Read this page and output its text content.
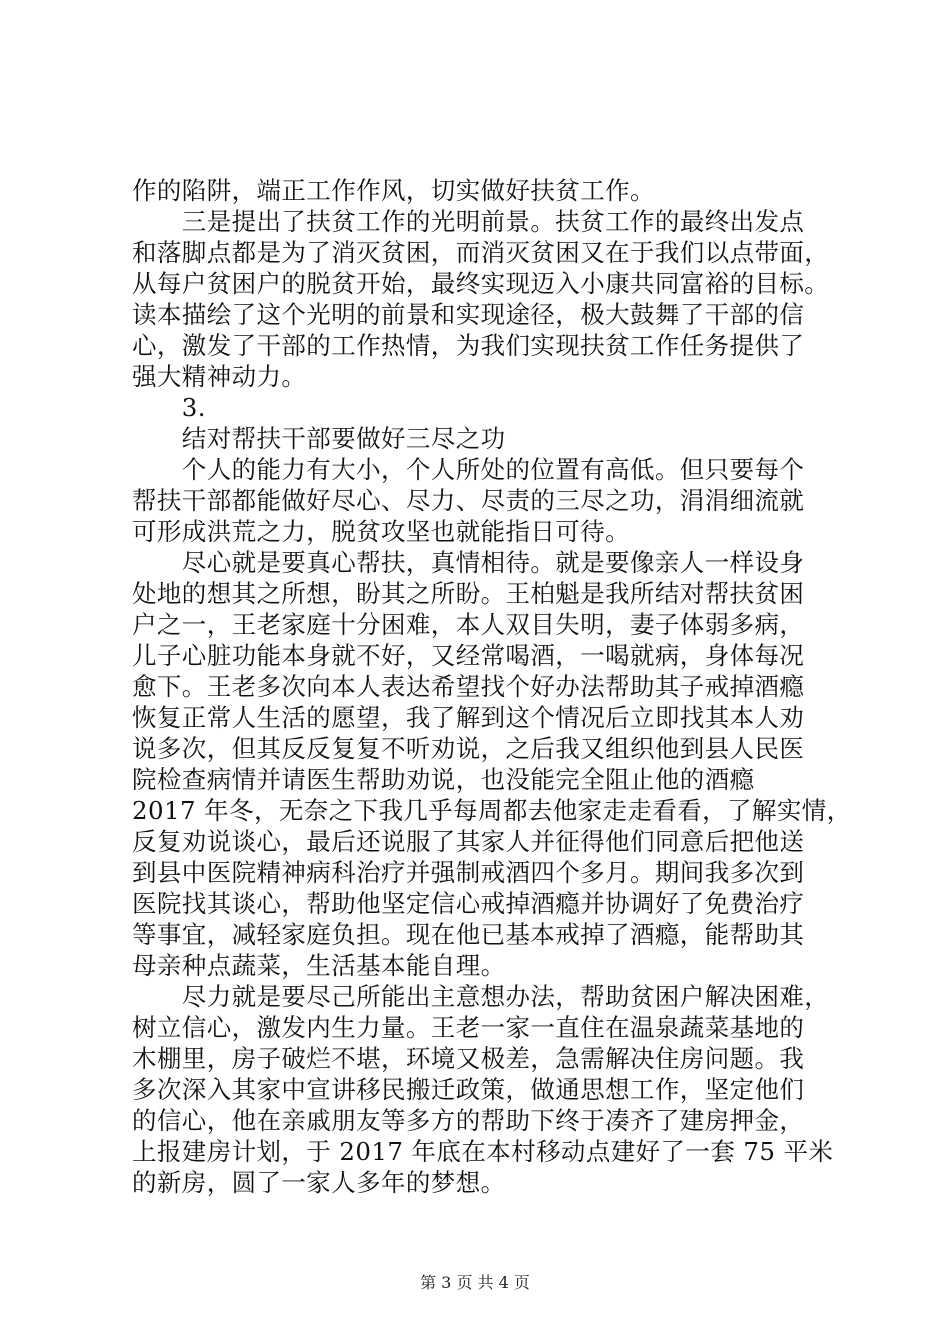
作的陷阱，端正工作作风，切实做好扶贫工作。
　　三是提出了扶贫工作的光明前景。扶贫工作的最终出发点
和落脚点都是为了消灭贫困，而消灭贫困又在于我们以点带面，
从每户贫困户的脱贫开始，最终实现迈入小康共同富裕的目标。
读本描绘了这个光明的前景和实现途径，极大鼓舞了干部的信
心，激发了干部的工作热情，为我们实现扶贫工作任务提供了
强大精神动力。
　　3.
　　结对帮扶干部要做好三尽之功
　　个人的能力有大小，个人所处的位置有高低。但只要每个
帮扶干部都能做好尽心、尽力、尽责的三尽之功，涓涓细流就
可形成洪荒之力，脱贫攻坚也就能指日可待。
　　尽心就是要真心帮扶，真情相待。就是要像亲人一样设身
处地的想其之所想，盼其之所盼。王柏魁是我所结对帮扶贫困
户之一，王老家庭十分困难，本人双目失明，妻子体弱多病，
儿子心脏功能本身就不好，又经常喝酒，一喝就病，身体每况
愈下。王老多次向本人表达希望找个好办法帮助其子戒掉酒瘾
恢复正常人生活的愿望，我了解到这个情况后立即找其本人劝
说多次，但其反反复复不听劝说，之后我又组织他到县人民医
院检查病情并请医生帮助劝说，也没能完全阻止他的酒瘾
2017 年冬，无奈之下我几乎每周都去他家走走看看，了解实情，
反复劝说谈心，最后还说服了其家人并征得他们同意后把他送
到县中医院精神病科治疗并强制戒酒四个多月。期间我多次到
医院找其谈心，帮助他坚定信心戒掉酒瘾并协调好了免费治疗
等事宜，减轻家庭负担。现在他已基本戒掉了酒瘾，能帮助其
母亲种点蔬菜，生活基本能自理。
　　尽力就是要尽己所能出主意想办法，帮助贫困户解决困难，
树立信心，激发内生力量。王老一家一直住在温泉蔬菜基地的
木棚里，房子破烂不堪，环境又极差，急需解决住房问题。我
多次深入其家中宣讲移民搬迁政策，做通思想工作，坚定他们
的信心，他在亲戚朋友等多方的帮助下终于凑齐了建房押金，
上报建房计划，于 2017 年底在本村移动点建好了一套 75 平米
的新房，圆了一家人多年的梦想。
第 3 页 共 4 页
